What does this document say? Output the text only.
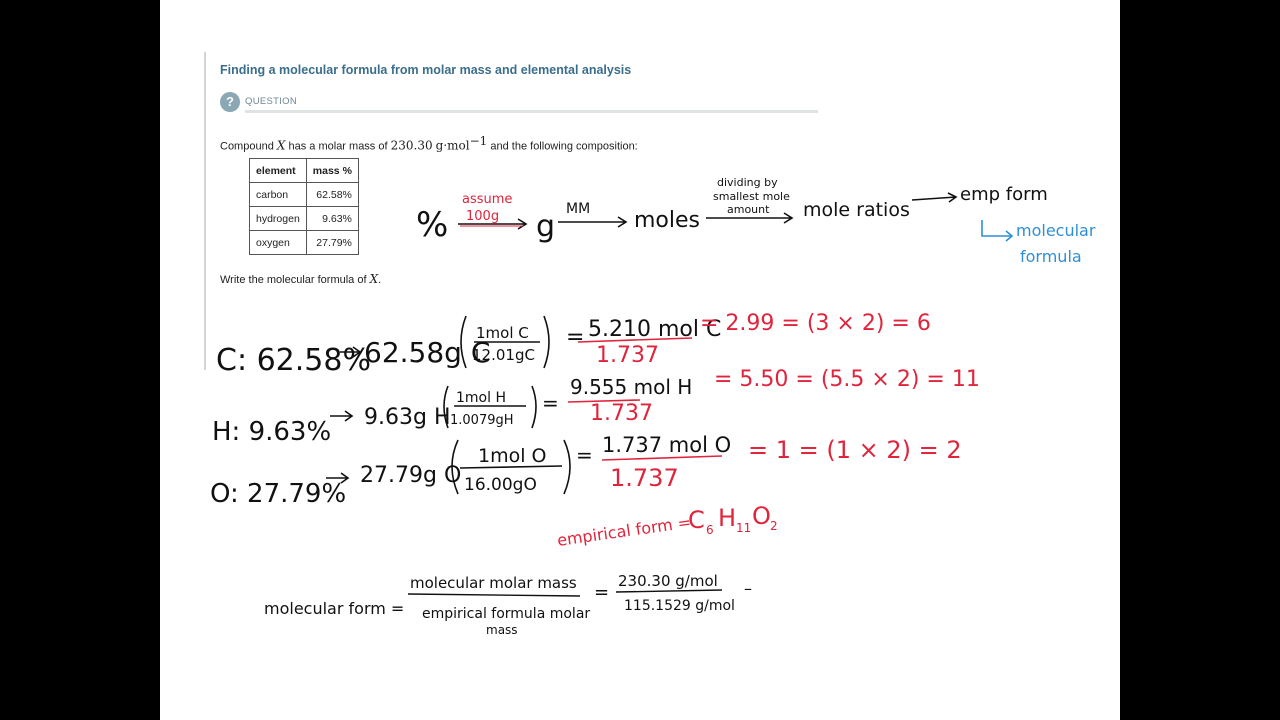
Finding a molecular formula from molar mass and elemental analysis
?	QUESTION
Compound X has a molar mass of 230.30 g·mol$^{-1}$ and the following composition:
element	mass %
carbon	62.58%
hydrogen	9.63%
oxygen	27.79%
Write the molecular formula of X.
%
assume
100g g MM moles
dividing by
smallest mole
amount mole ratios
emp form
molecular
formula
C: 62.58%
62.58g C
1mol C
12.01gC
= 5.210 mol C
1.737
= 2.99 = (3 × 2) = 6
H: 9.63% 9.63g H
1mol H
1.0079gH
=
9.555 mol H
1.737
= 5.50 = (5.5 × 2) = 11
O: 27.79%
27.79g O
1mol O
16.00gO
= 1.737 mol O
1.737
= 1 = (1 × 2) = 2
empirical form =
C 6 H 11 O 2
molecular form =
molecular molar mass
empirical formula molar
mass
=
230.30 g/mol
115.1529 g/mol
–
